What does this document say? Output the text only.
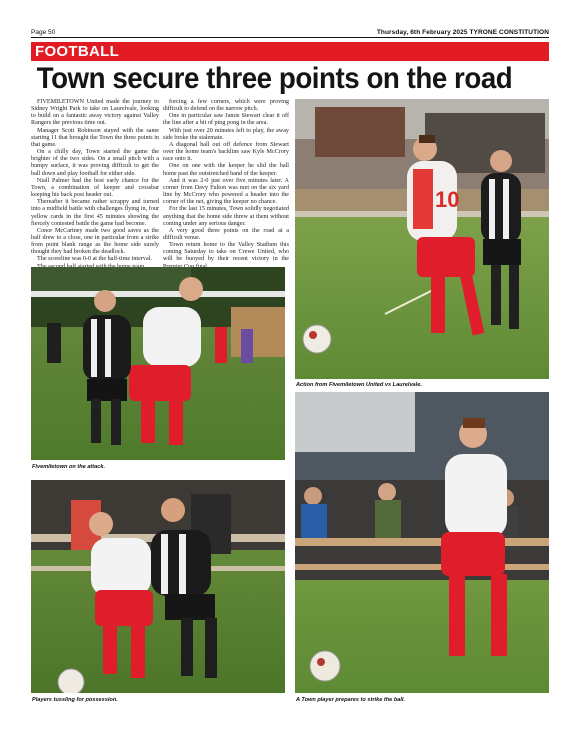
Page 50	Thursday, 6th February 2025 TYRONE CONSTITUTION
FOOTBALL
Town secure three points on the road

FIVEMILETOWN United made the journey to Sidney Wright Park to take on Laurelvale, looking to build on a fantastic away victory against Valley Rangers the previous time out.

Manager Scott Robinson stayed with the same starting 11 that brought the Town the three points in that game.

On a chilly day, Town started the game the brighter of the two sides. On a small pitch with a bumpy surface, it was proving difficult to get the ball down and play football for either side.

Niall Palmer had the best early chance for the Town, a combination of keeper and crossbar keeping his back post header out.

Thereafter it became rather scrappy and turned into a midfield battle with challenges flying in, four yellow cards in the first 45 minutes showing the fiercely contested battle the game had become.

Conor McCartney made two good saves as the half drew to a close, one in particular from a strike from point blank range as the home side surely thought they had broken the deadlock.

The scoreline was 0-0 at the half-time interval.

forcing a few corners, which were proving difficult to defend on the narrow pitch.

One in particular saw Jamie Stewart clear it off the line after a bit of ping pong in the area.

With just over 20 minutes left to play, the away side broke the stalemate.

A diagonal ball out off defence from Stewart over the home team's backline saw Kyle McCrory race onto it.

One on one with the keeper he slid the ball home past the outstretched hand of the keeper.

And it was 2-0 just over five minutes later. A corner from Davy Fulton was met on the six yard line by McCrory who powered a header into the corner of the net, giving the keeper no chance.

For the last 15 minutes, Town solidly negotiated anything that the home side threw at them without coming under any serious danger.

A very good three points on the road at a difficult venue.

Town return home to the Valley Stadium this coming Saturday to take on Crewe United, who will be buoyed by their recent victory in the

10
Action from Fivemiletown United vs Laurelvale.
Fivemiletown on the attack.
Players tussling for possession.	A Town player prepares to strike the ball.
